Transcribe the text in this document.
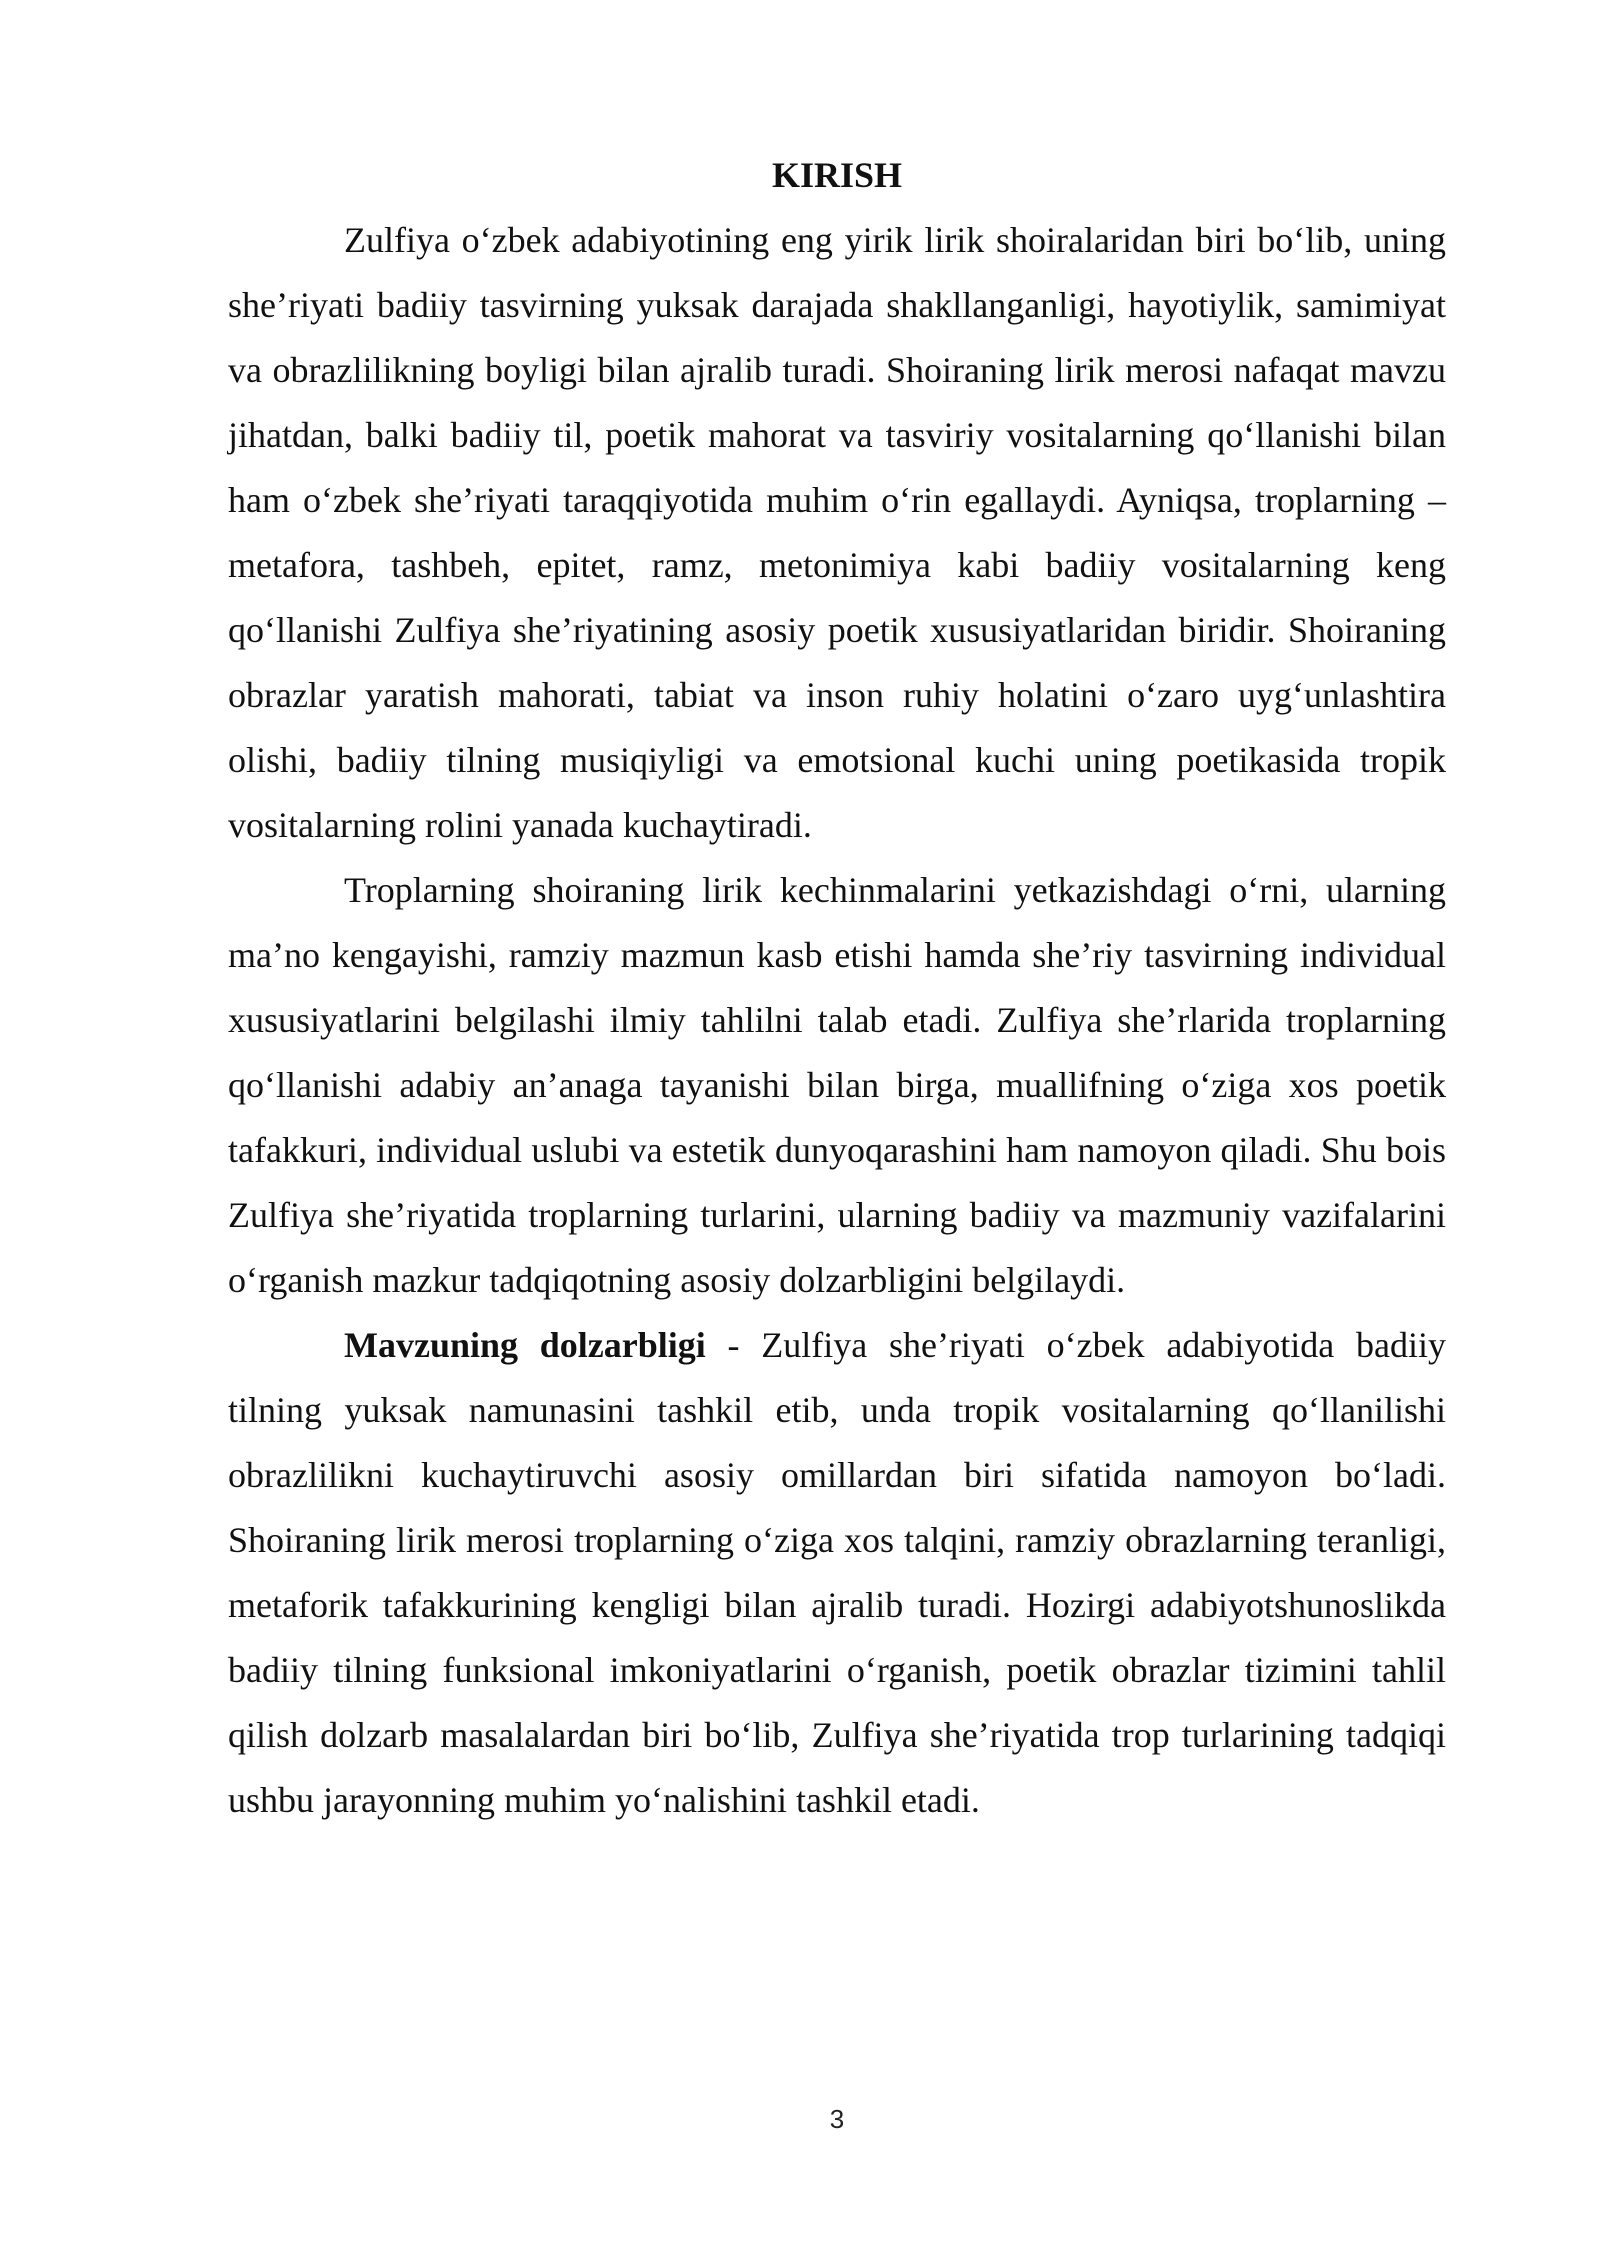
KIRISH

Zulfiya o‘zbek adabiyotining eng yirik lirik shoiralaridan biri bo‘lib, uning she’riyati badiiy tasvirning yuksak darajada shakllanganligi, hayotiylik, samimiyat va obrazlilikning boyligi bilan ajralib turadi. Shoiraning lirik merosi nafaqat mavzu jihatdan, balki badiiy til, poetik mahorat va tasviriy vositalarning qo‘llanishi bilan ham o‘zbek she’riyati taraqqiyotida muhim o‘rin egallaydi. Ayniqsa, troplarning – metafora, tashbeh, epitet, ramz, metonimiya kabi badiiy vositalarning keng qo‘llanishi Zulfiya she’riyatining asosiy poetik xususiyatlaridan biridir. Shoiraning obrazlar yaratish mahorati, tabiat va inson ruhiy holatini o‘zaro uyg‘unlashtira olishi, badiiy tilning musiqiyligi va emotsional kuchi uning poetikasida tropik vositalarning rolini yanada kuchaytiradi.

Troplarning shoiraning lirik kechinmalarini yetkazishdagi o‘rni, ularning ma’no kengayishi, ramziy mazmun kasb etishi hamda she’riy tasvirning individual xususiyatlarini belgilashi ilmiy tahlilni talab etadi. Zulfiya she’rlarida troplarning qo‘llanishi adabiy an’anaga tayanishi bilan birga, muallifning o‘ziga xos poetik tafakkuri, individual uslubi va estetik dunyoqarashini ham namoyon qiladi. Shu bois Zulfiya she’riyatida troplarning turlarini, ularning badiiy va mazmuniy vazifalarini o‘rganish mazkur tadqiqotning asosiy dolzarbligini belgilaydi.

Mavzuning dolzarbligi - Zulfiya she’riyati o‘zbek adabiyotida badiiy tilning yuksak namunasini tashkil etib, unda tropik vositalarning qo‘llanilishi obrazlilikni kuchaytiruvchi asosiy omillardan biri sifatida namoyon bo‘ladi. Shoiraning lirik merosi troplarning o‘ziga xos talqini, ramziy obrazlarning teranligi, metaforik tafakkurining kengligi bilan ajralib turadi. Hozirgi adabiyotshunoslikda badiiy tilning funksional imkoniyatlarini o‘rganish, poetik obrazlar tizimini tahlil qilish dolzarb masalalardan biri bo‘lib, Zulfiya she’riyatida trop turlarining tadqiqi ushbu jarayonning muhim yo‘nalishini tashkil etadi.

3
